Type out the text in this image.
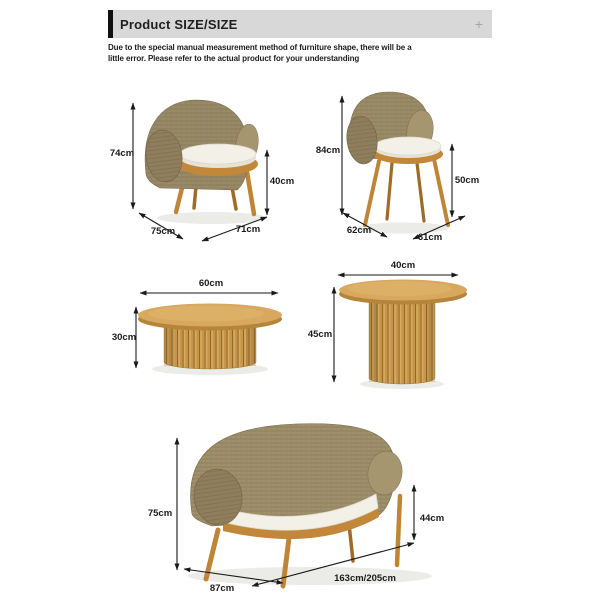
Product SIZE/SIZE	+

Due to the special manual measurement method of furniture shape, there will be a
little error. Please refer to the actual product for your understanding

74cm
40cm
75cm	71cm
84cm
50cm
62cm
61cm
60cm
30cm
40cm
45cm
75cm	44cm
87cm
163cm/205cm
